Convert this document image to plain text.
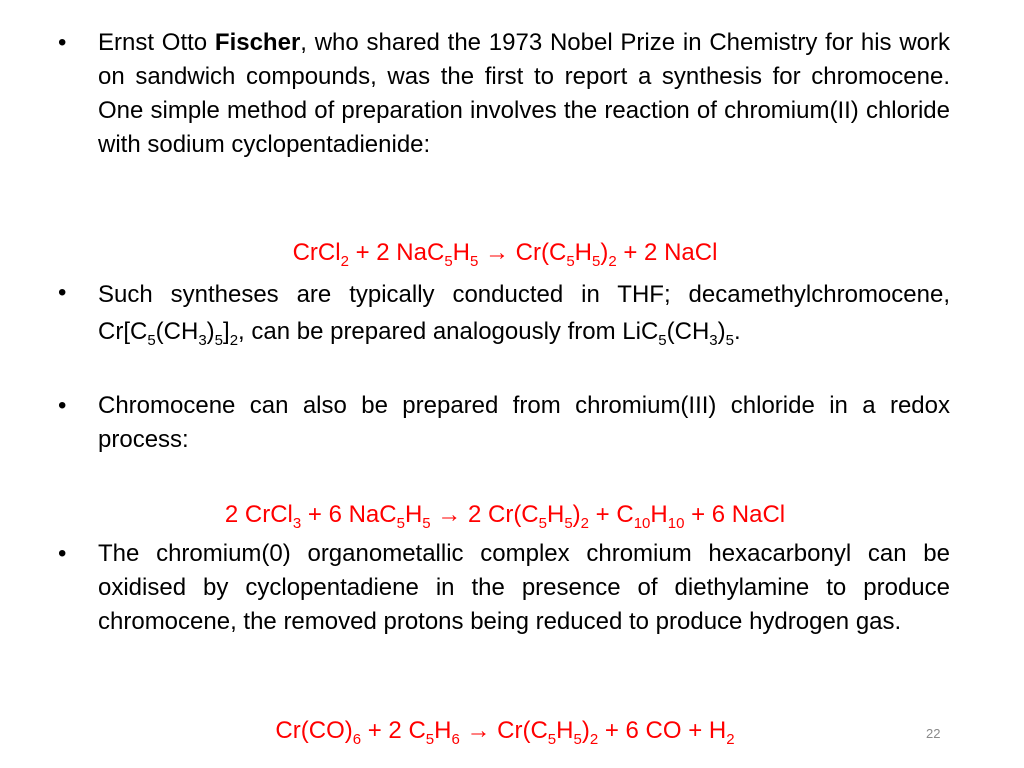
• Ernst Otto Fischer, who shared the 1973 Nobel Prize in Chemistry for his work on sandwich compounds, was the first to report a synthesis for chromocene. One simple method of preparation involves the reaction of chromium(II) chloride with sodium cyclopentadienide:
CrCl$_2$ + 2 $NaC_5H_5 \to Cr(C_5H_5)_2 + 2$ NaCl
• Such syntheses are typically conducted in THF; decamethylchromocene, $Cr[C_5(CH_3)_5]_2$, can be prepared analogously from $LiC_5(CH_3)_5$.
• Chromocene can also be prepared from chromium(III) chloride in a redox process:
2 CrCl$_3$ + 6 $NaC_5H_5 \to 2$ $Cr(C_5H_5)_2 + C_{10}H_{10} + 6$ NaCl
• The chromium(0) organometallic complex chromium hexacarbonyl can be oxidised by cyclopentadiene in the presence of diethylamine to produce chromocene, the removed protons being reduced to produce hydrogen gas.
$Cr(CO)_6 + 2$ $C_5H_6 \to Cr(C_5H_5)_2 + 6$ CO + $H_2$	22
